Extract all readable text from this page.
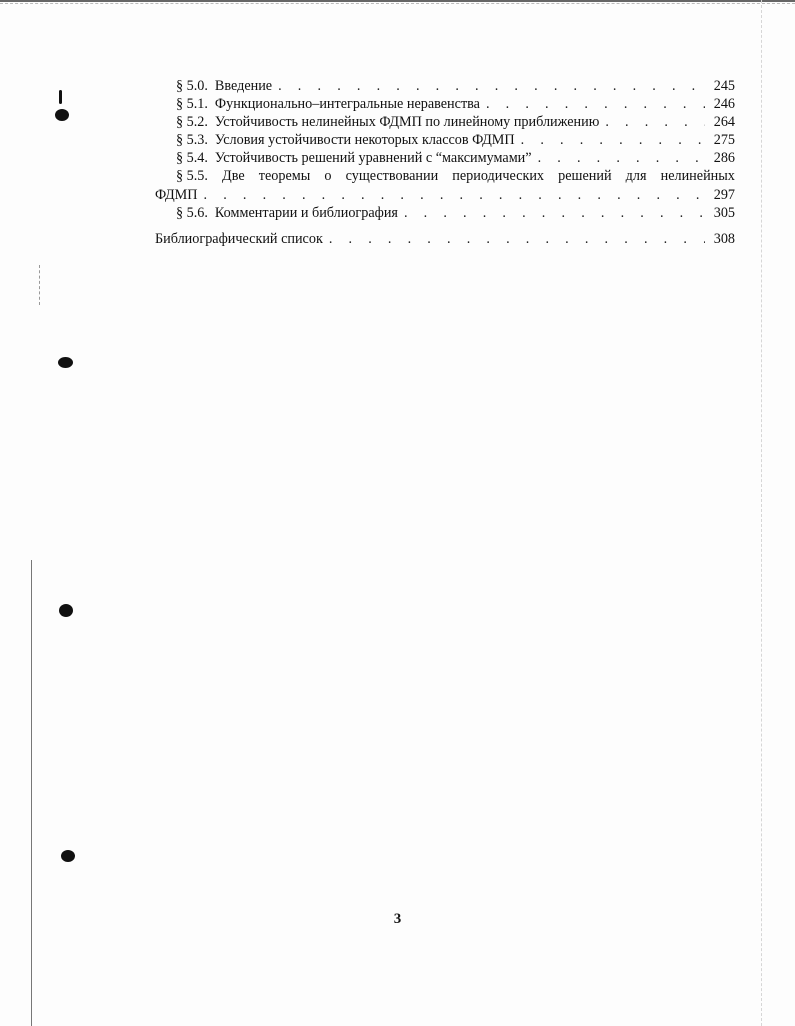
§ 5.0. Введение . . .	245
§ 5.1. Функционально–интегральные неравенства . . .	246
§ 5.2. Устойчивость нелинейных ФДМП по линейному приближению . . .	264
§ 5.3. Условия устойчивости некоторых классов ФДМП . . .	275
§ 5.4. Устойчивость решений уравнений с “максимумами” . . .	286
§ 5.5. Две теоремы о существовании периодических решений для нелинейных
ФДМП . . .	297
§ 5.6. Комментарии и библиография . . .	305
Библиографический список . . .	308
3
